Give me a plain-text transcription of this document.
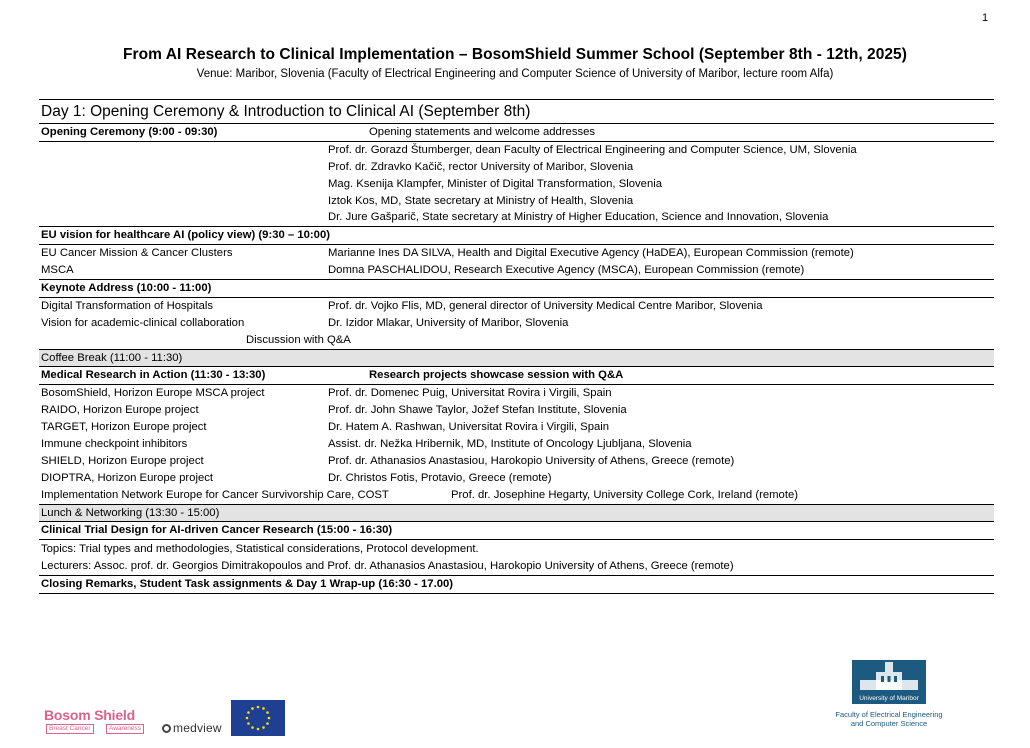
1
From AI Research to Clinical Implementation – BosomShield Summer School (September 8th - 12th, 2025)
Venue: Maribor, Slovenia (Faculty of Electrical Engineering and Computer Science of University of Maribor, lecture room Alfa)
Day 1: Opening Ceremony & Introduction to Clinical AI (September 8th)
Opening Ceremony (9:00 - 09:30)	Opening statements and welcome addresses
Prof. dr. Gorazd Štumberger, dean Faculty of Electrical Engineering and Computer Science, UM, Slovenia
Prof. dr. Zdravko Kačič, rector University of Maribor, Slovenia
Mag. Ksenija Klampfer, Minister of Digital Transformation, Slovenia
Iztok Kos, MD, State secretary at Ministry of Health, Slovenia
Dr. Jure Gašparič, State secretary at Ministry of Higher Education, Science and Innovation, Slovenia
EU vision for healthcare AI (policy view) (9:30 – 10:00)
EU Cancer Mission & Cancer Clusters	Marianne Ines DA SILVA, Health and Digital Executive Agency (HaDEA), European Commission (remote)
MSCA	Domna PASCHALIDOU, Research Executive Agency (MSCA), European Commission (remote)
Keynote Address (10:00 - 11:00)
Digital Transformation of Hospitals	Prof. dr. Vojko Flis, MD, general director of University Medical Centre Maribor, Slovenia
Vision for academic-clinical collaboration	Dr. Izidor Mlakar, University of Maribor, Slovenia
Discussion with Q&A
Coffee Break (11:00 - 11:30)
Medical Research in Action (11:30 - 13:30)	Research projects showcase session with Q&A
BosomShield, Horizon Europe MSCA project	Prof. dr. Domenec Puig, Universitat Rovira i Virgili, Spain
RAIDO, Horizon Europe project	Prof. dr. John Shawe Taylor, Jožef Stefan Institute, Slovenia
TARGET, Horizon Europe project	Dr. Hatem A. Rashwan, Universitat Rovira i Virgili, Spain
Immune checkpoint inhibitors	Assist. dr. Nežka Hribernik, MD, Institute of Oncology Ljubljana, Slovenia
SHIELD, Horizon Europe project	Prof. dr. Athanasios Anastasiou, Harokopio University of Athens, Greece (remote)
DIOPTRA, Horizon Europe project	Dr. Christos Fotis, Protavio, Greece (remote)
Implementation Network Europe for Cancer Survivorship Care, COST	Prof. dr. Josephine Hegarty, University College Cork, Ireland (remote)
Lunch & Networking (13:30 - 15:00)
Clinical Trial Design for AI-driven Cancer Research (15:00 - 16:30)
Topics: Trial types and methodologies, Statistical considerations, Protocol development.
Lecturers: Assoc. prof. dr. Georgios Dimitrakopoulos and Prof. dr. Athanasios Anastasiou, Harokopio University of Athens, Greece (remote)
Closing Remarks, Student Task assignments & Day 1 Wrap-up (16:30 - 17.00)
Bosom Shield
Breast Cancer	Awareness	medview
University of Maribor
Faculty of Electrical Engineering
and Computer Science
